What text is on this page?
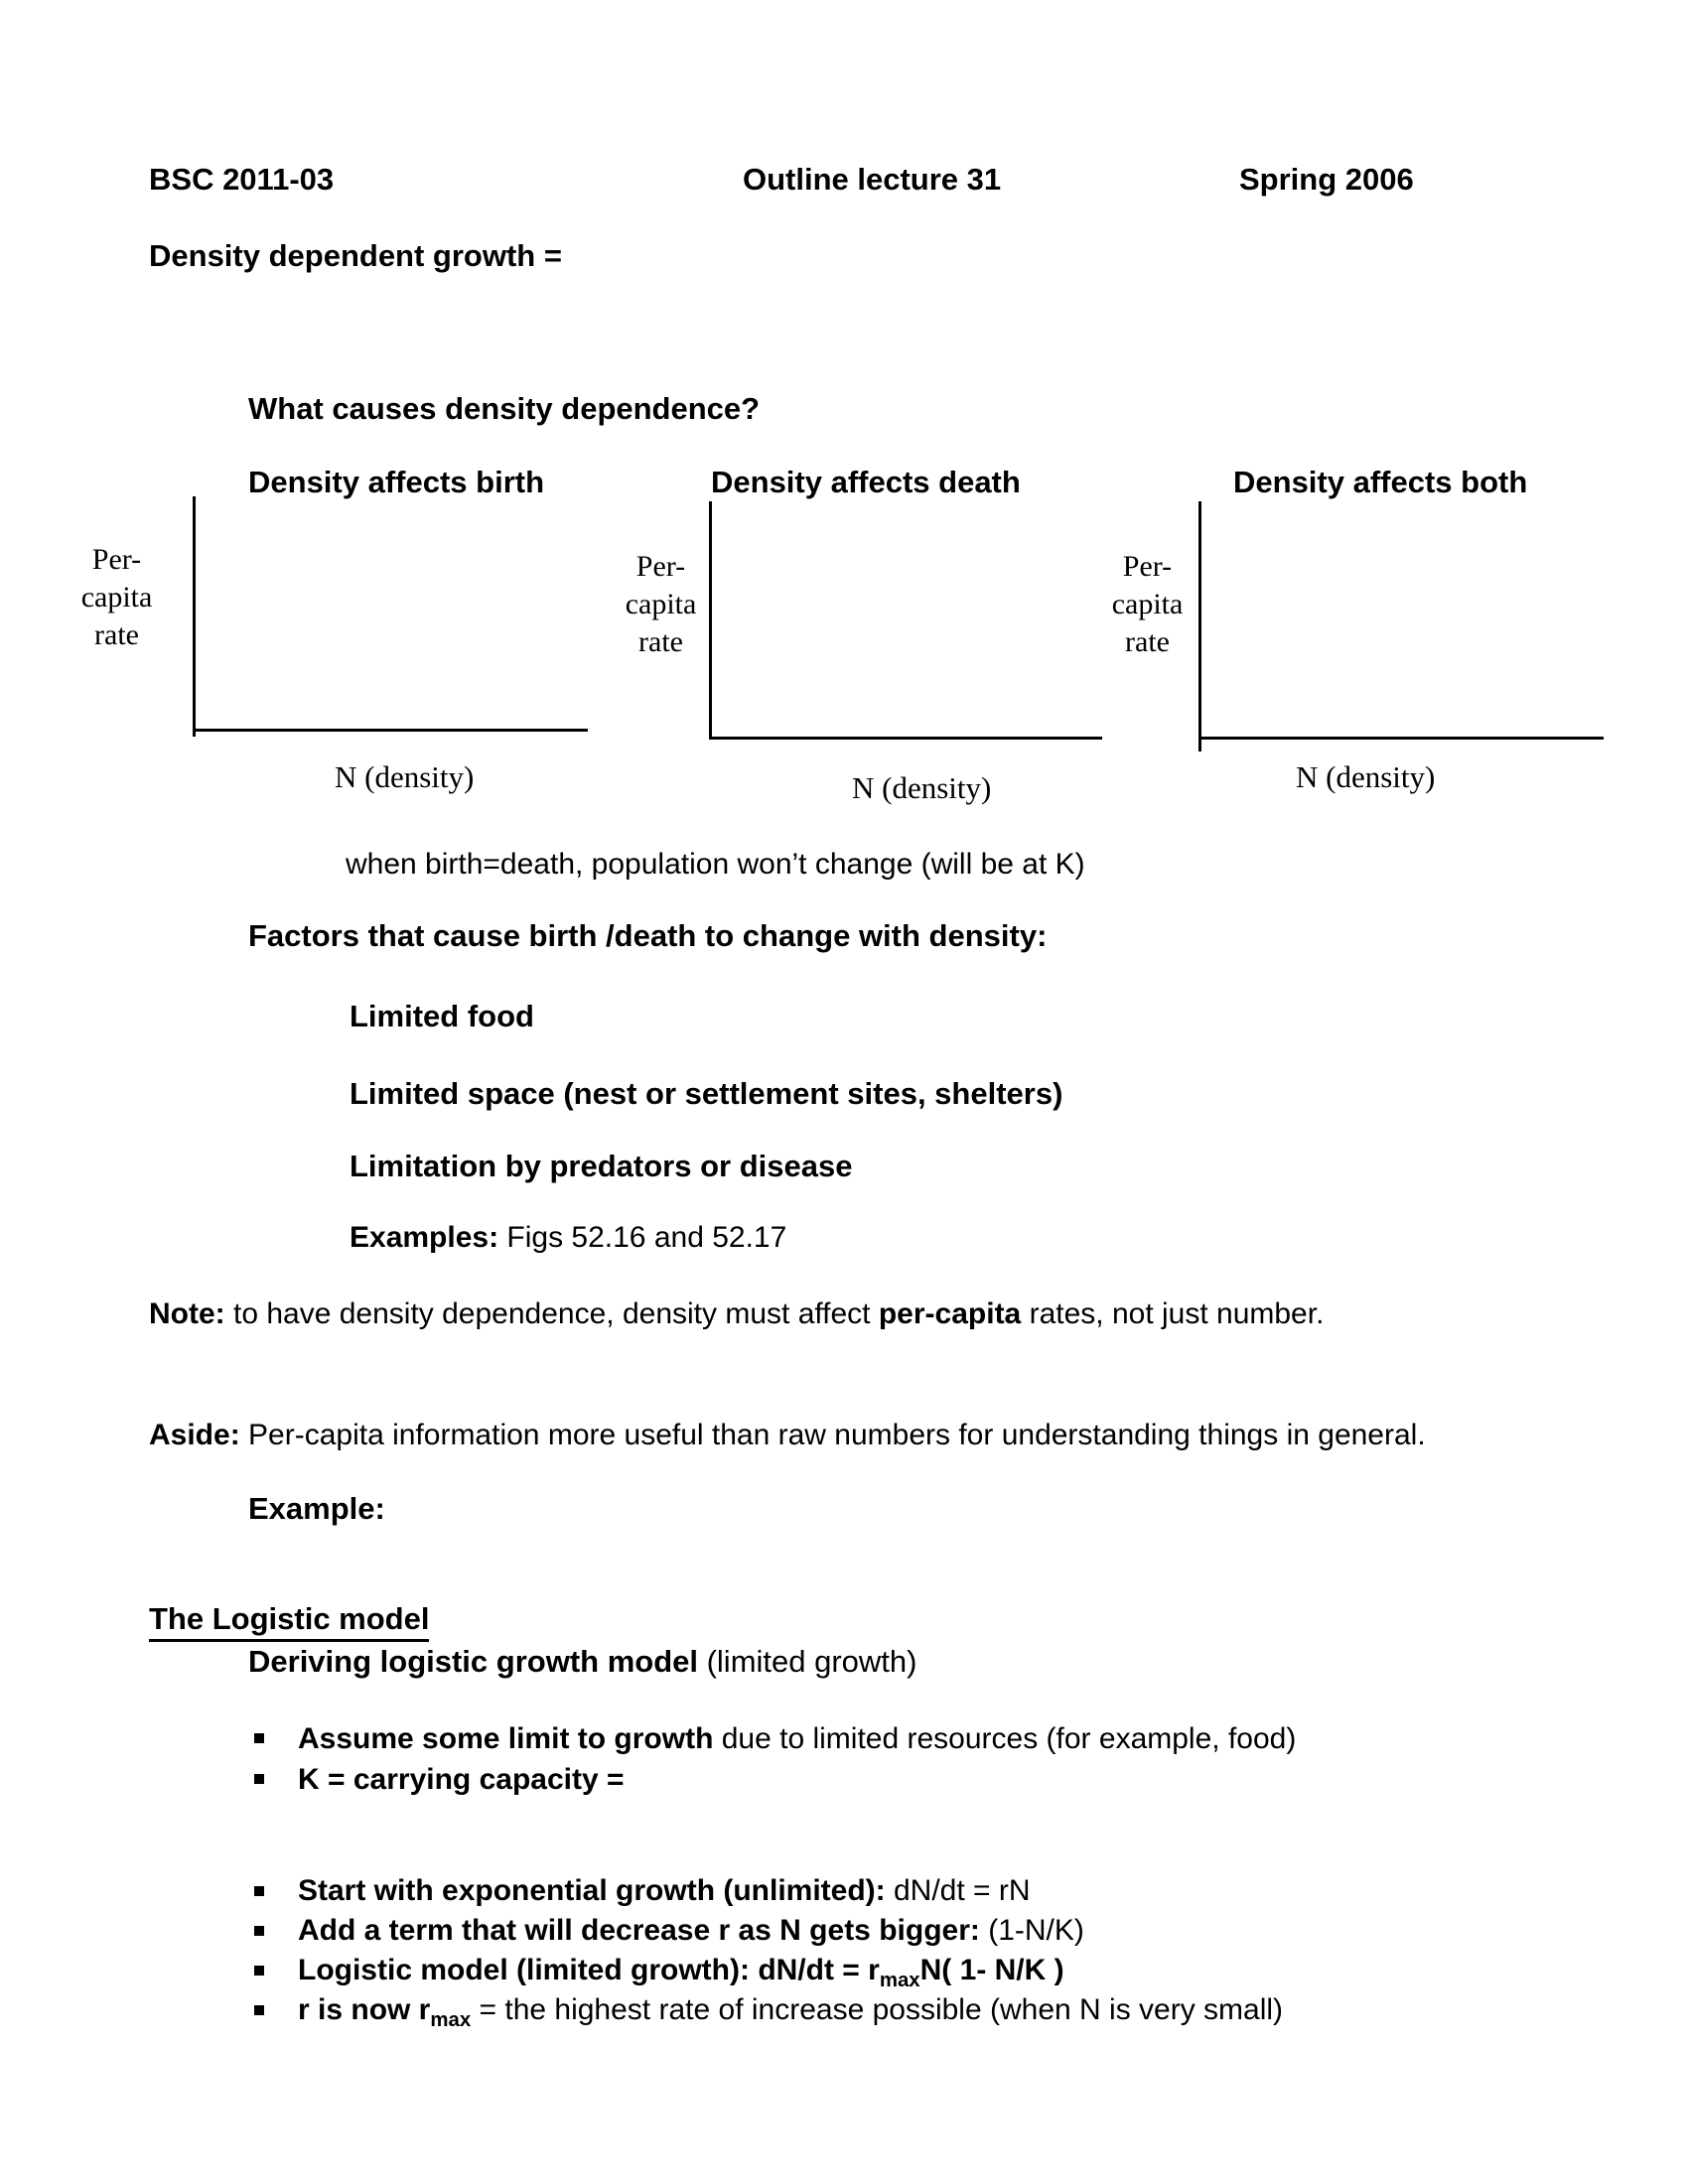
BSC 2011-03	Outline lecture 31	Spring 2006
Density dependent growth =
What causes density dependence?
Density affects birth
Per-
capita
rate
N (density)
Density affects death
Per-
capita
rate
N (density)
Density affects both
Per-
capita
rate
N (density)
when birth=death, population won’t change (will be at K)
Factors that cause birth /death to change with density:
Limited food
Limited space (nest or settlement sites, shelters)
Limitation by predators or disease
Examples: Figs 52.16 and 52.17
Note: to have density dependence, density must affect per-capita rates, not just number.
Aside: Per-capita information more useful than raw numbers for understanding things in general.
Example:
The Logistic model
Deriving logistic growth model (limited growth)
Assume some limit to growth due to limited resources (for example, food)
K = carrying capacity =
Start with exponential growth (unlimited): dN/dt = rN
Add a term that will decrease r as N gets bigger: (1-N/K)
Logistic model (limited growth): $dN/dt = r_{max}N$( 1- N/K )
r is now $r_{max}$ = the highest rate of increase possible (when N is very small)
